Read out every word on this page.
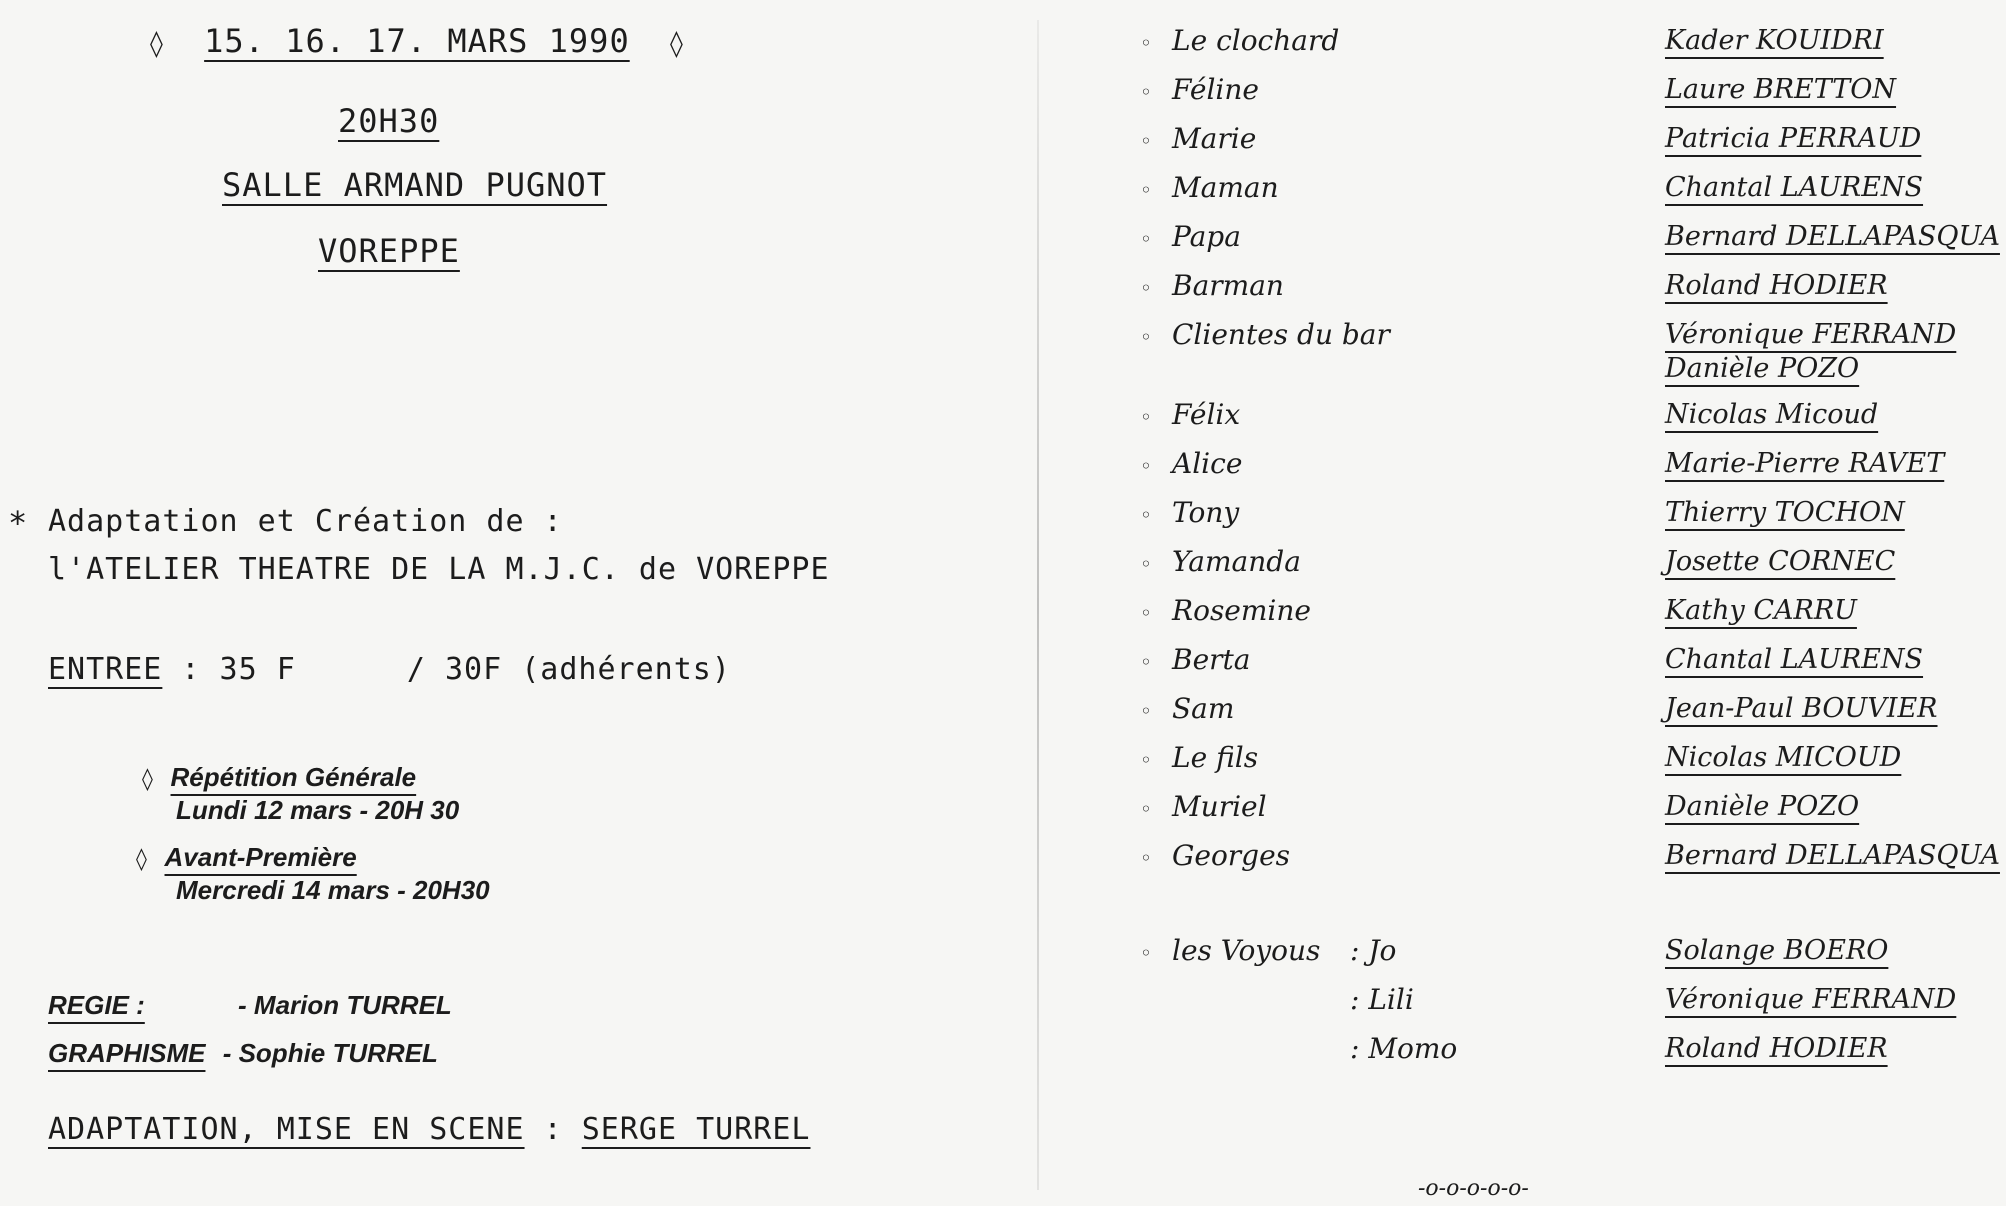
◊ 15. 16. 17. MARS 1990 ◊
20H30
SALLE ARMAND PUGNOT
VOREPPE
* Adaptation et Création de :
l'ATELIER THEATRE DE LA M.J.C. de VOREPPE
ENTREE : 35 F	/ 30F (adhérents)
◊ Répétition Générale
Lundi 12 mars - 20H 30
◊ Avant-Première
Mercredi 14 mars - 20H30
REGIE :	- Marion TURREL
GRAPHISME - Sophie TURREL
ADAPTATION, MISE EN SCENE : SERGE TURREL
◦ Le clochard	Kader KOUIDRI
◦ Féline	Laure BRETTON
◦ Marie	Patricia PERRAUD
◦ Maman	Chantal LAURENS
◦ Papa	Bernard DELLAPASQUA
◦ Barman	Roland HODIER
◦ Clientes du bar	Véronique FERRAND
Danièle POZO
◦ Félix	Nicolas Micoud
◦ Alice	Marie-Pierre RAVET
◦ Tony	Thierry TOCHON
◦ Yamanda	Josette CORNEC
◦ Rosemine	Kathy CARRU
◦ Berta	Chantal LAURENS
◦ Sam	Jean-Paul BOUVIER
◦ Le fils	Nicolas MICOUD
◦ Muriel	Danièle POZO
◦ Georges	Bernard DELLAPASQUA
◦ les Voyous : Jo	Solange BOERO
: Lili	Véronique FERRAND
: Momo	Roland HODIER
-o-o-o-o-o-
